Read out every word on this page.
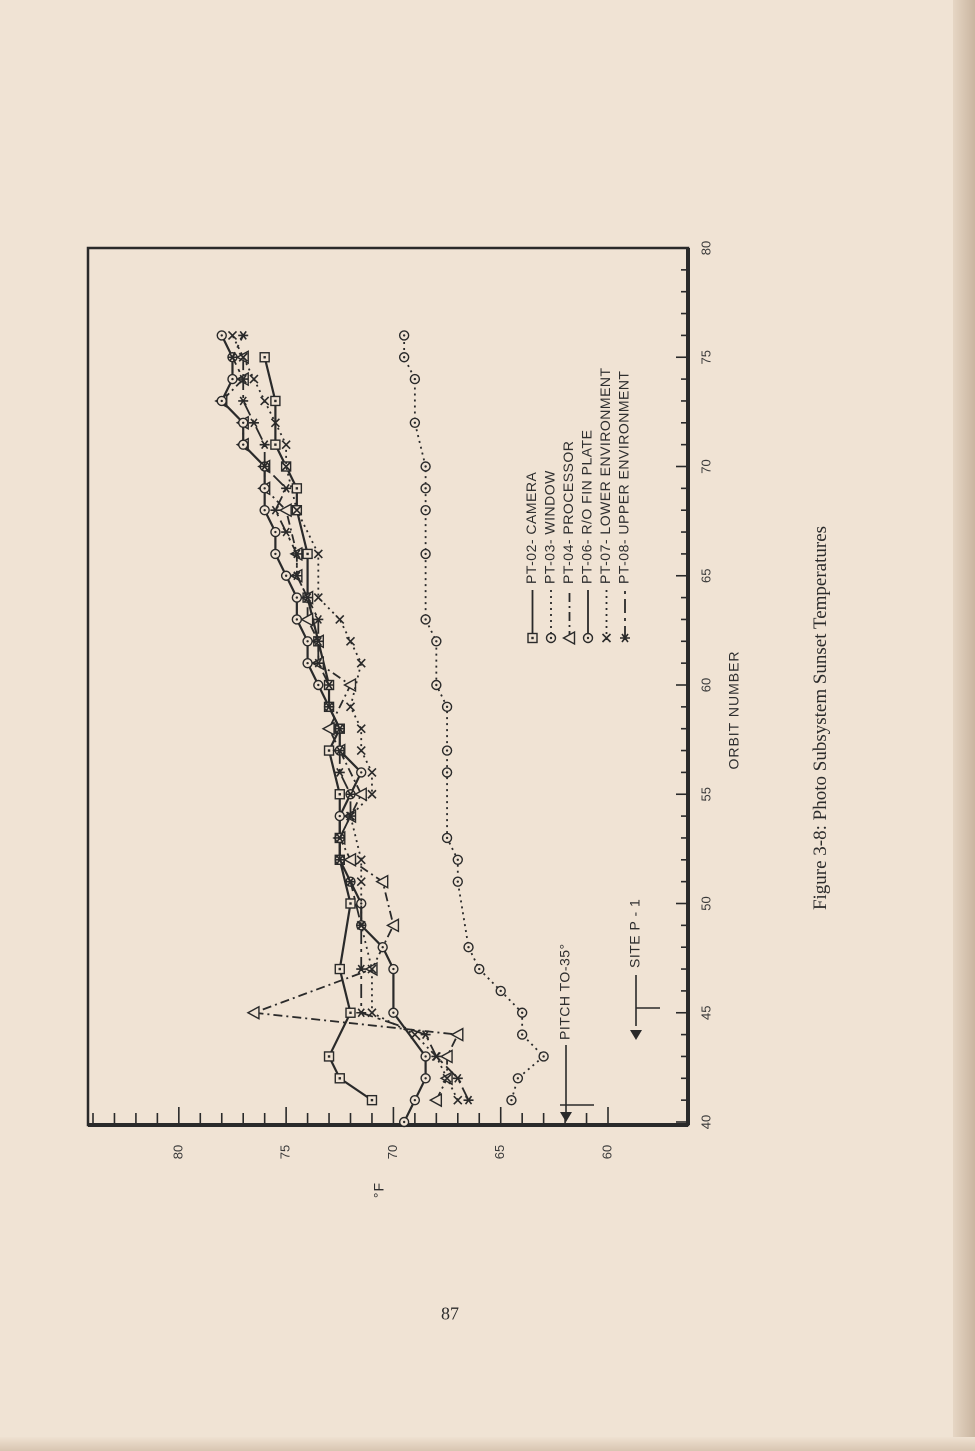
40
45
50
55
60
65
70
75
80
60
65
70
75
80
ORBIT NUMBER
°F
PT-02- CAMERA PT-03- WINDOW PT-04- PROCESSOR PT-06- R/O FIN PLATE PT-07- LOWER ENVIRONMENT PT-08- UPPER ENVIRONMENT
PITCH TO-35°
SITE P - 1
Figure 3-8: Photo Subsystem Sunset Temperatures
87
